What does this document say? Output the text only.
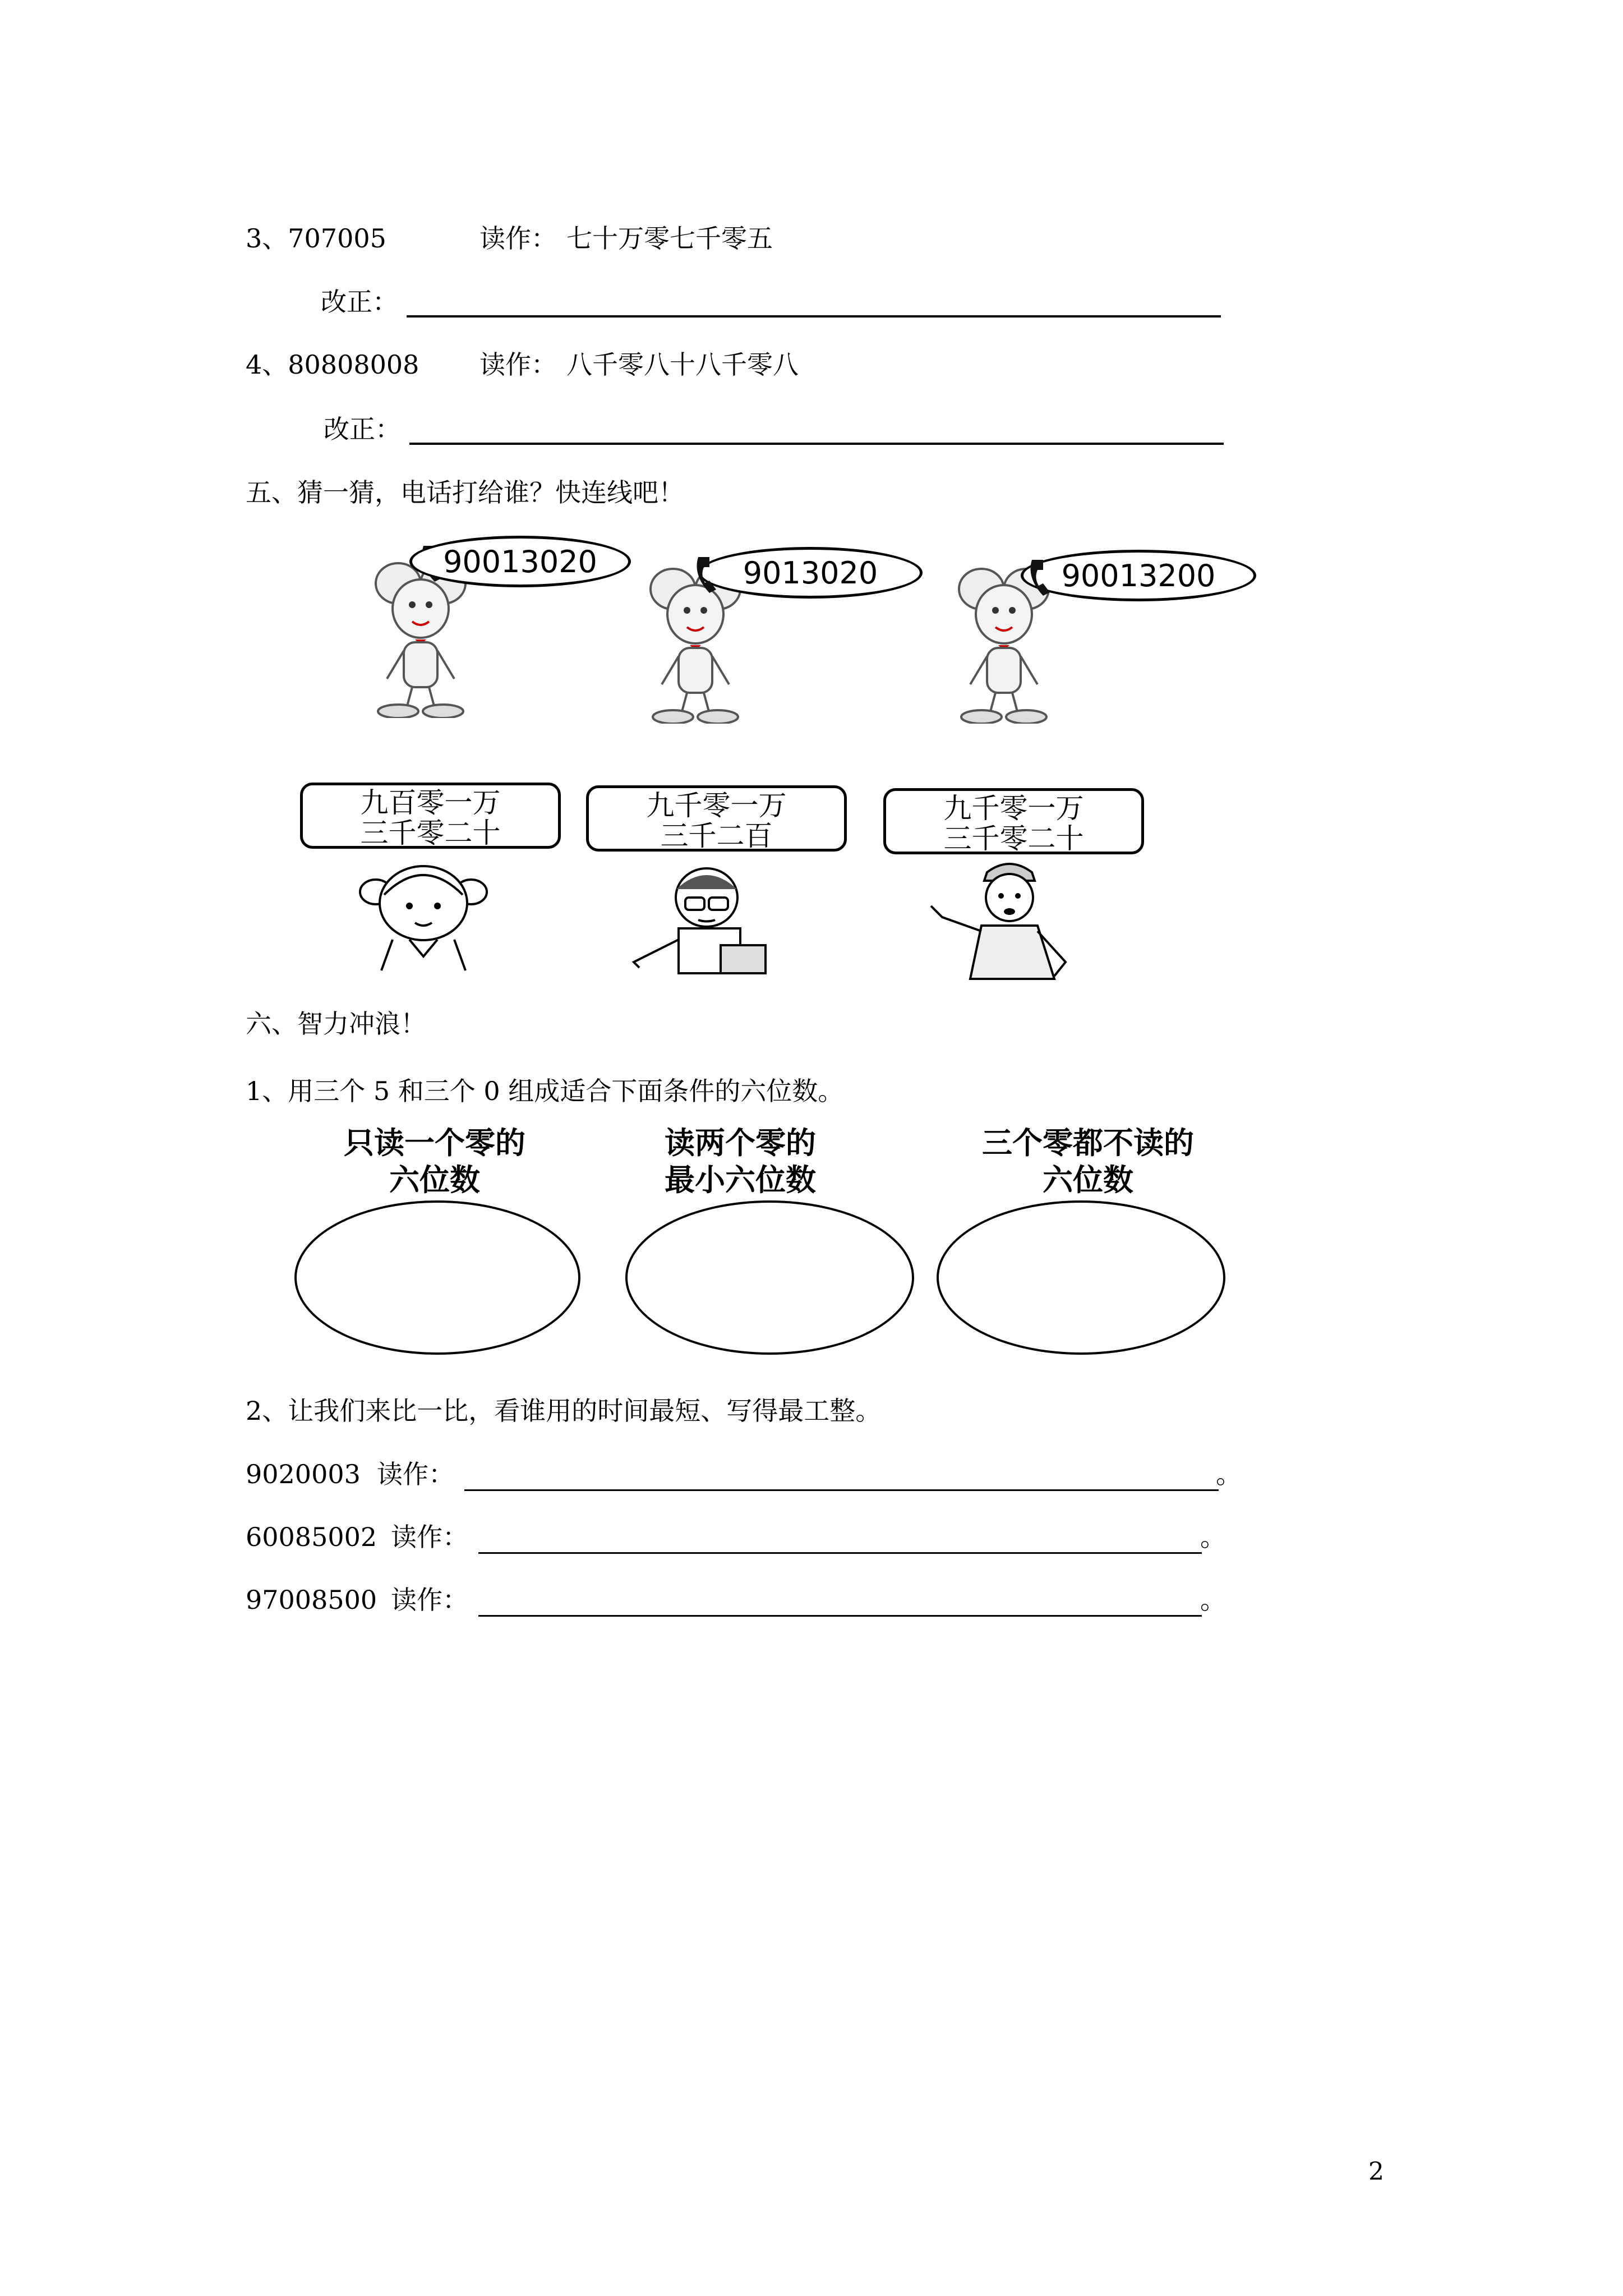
3、707005	读作： 七十万零七千零五
改正：
4、80808008 读作： 八千零八十八千零八
改正：
五、猜一猜，电话打给谁？快连线吧！
90013020	9013020	90013200
九百零一万
三千零二十
九千零一万
三千二百
九千零一万
三千零二十
六、智力冲浪！
1、用三个 5 和三个 0 组成适合下面条件的六位数。
只读一个零的
六位数
读两个零的
最小六位数
三个零都不读的
六位数
2、让我们来比一比，看谁用的时间最短、写得最工整。
9020003 读作：	。
60085002 读作：	。
97008500 读作：	。
2
